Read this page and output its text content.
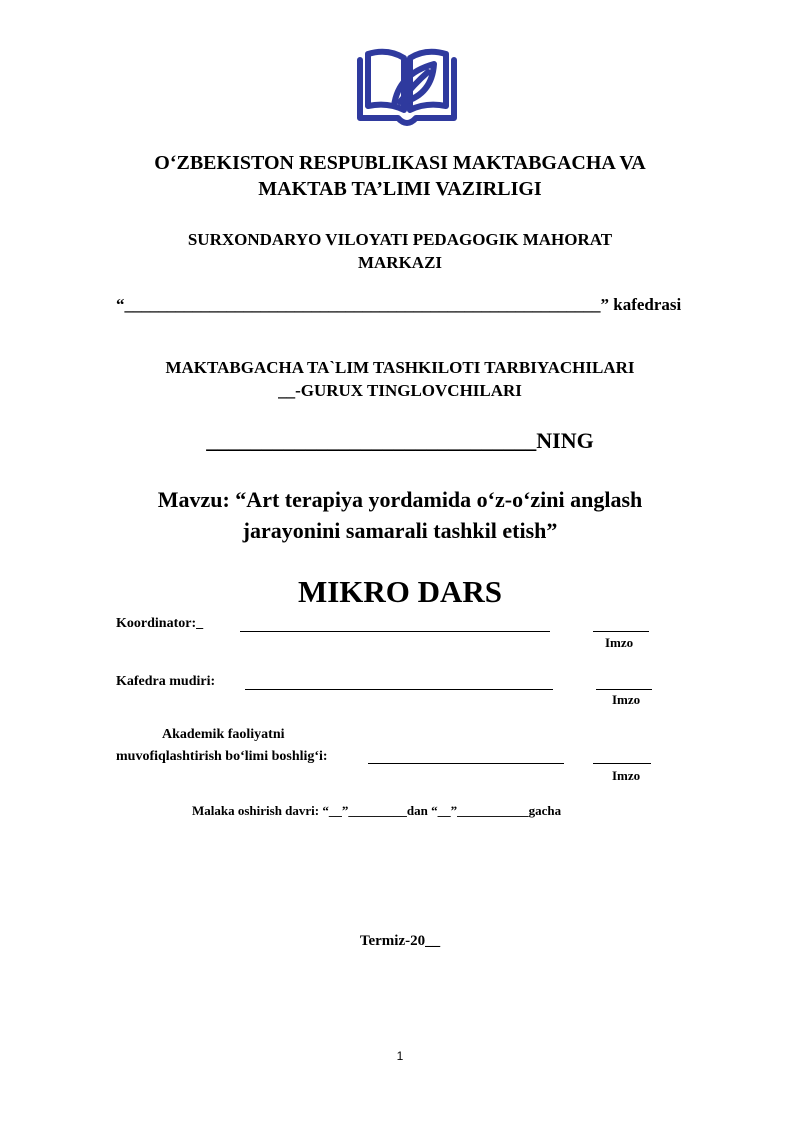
O‘ZBEKISTON RESPUBLIKASI MAKTABGACHA VA
MAKTAB TA’LIMI VAZIRLIGI
SURXONDARYO VILOYATI PEDAGOGIK MAHORAT
MARKAZI
“________________________________________________________” kafedrasi
MAKTABGACHA TA`LIM TASHKILOTI TARBIYACHILARI
__-GURUX TINGLOVCHILARI
______________________________NING
Mavzu: “Art terapiya yordamida o‘z-o‘zini anglash
jarayonini samarali tashkil etish”
MIKRO DARS
Koordinator:_
Imzo
Kafedra mudiri:
Imzo
Akademik faoliyatni
muvofiqlashtirish bo‘limi boshlig‘i:
Imzo
Malaka oshirish davri: “__”_________dan “__”___________gacha
Termiz-20__
1
